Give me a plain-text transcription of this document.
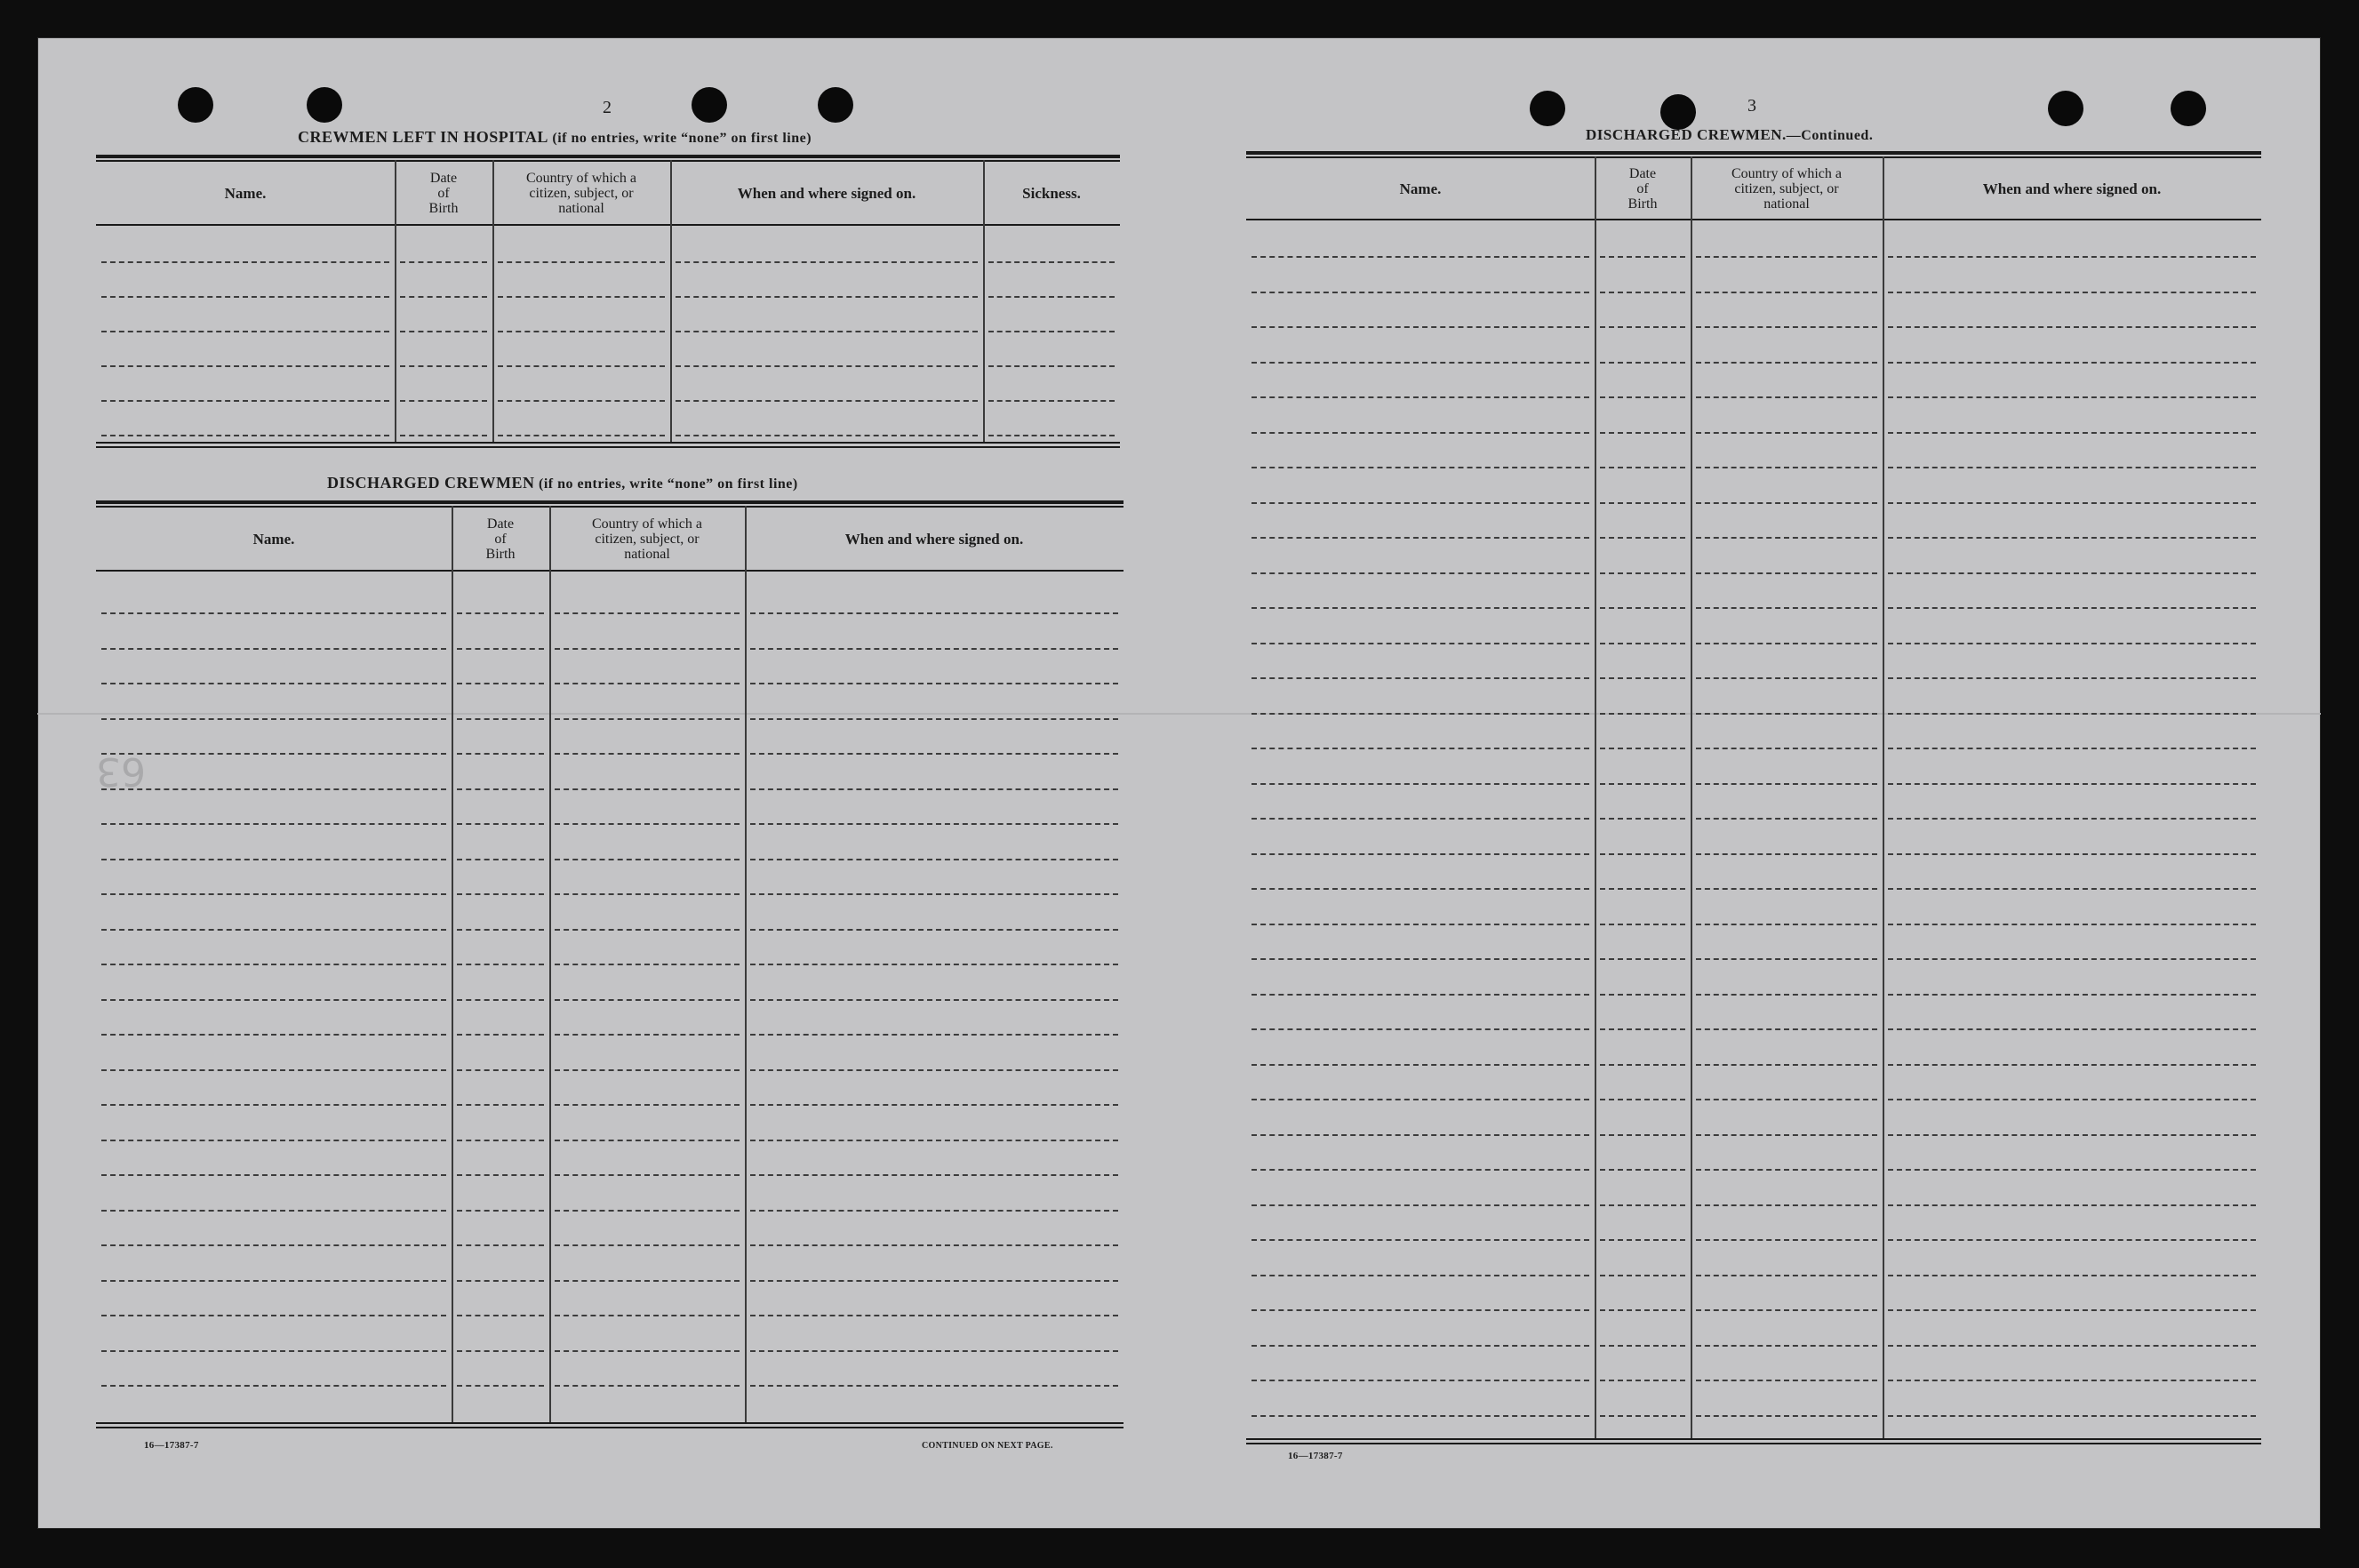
2
CREWMEN LEFT IN HOSPITAL (if no entries, write “none” on first line)
Name.
Date
of
Birth
Country of which a
citizen, subject, or
national
When and where signed on.	Sickness.
DISCHARGED CREWMEN (if no entries, write “none” on first line)
Name.
Date
of
Birth
Country of which a
citizen, subject, or
national
When and where signed on.
63
16—17387-7	CONTINUED ON NEXT PAGE.
3
DISCHARGED CREWMEN.—Continued.
Name.
Date
of
Birth
Country of which a
citizen, subject, or
national
When and where signed on.
16—17387-7
